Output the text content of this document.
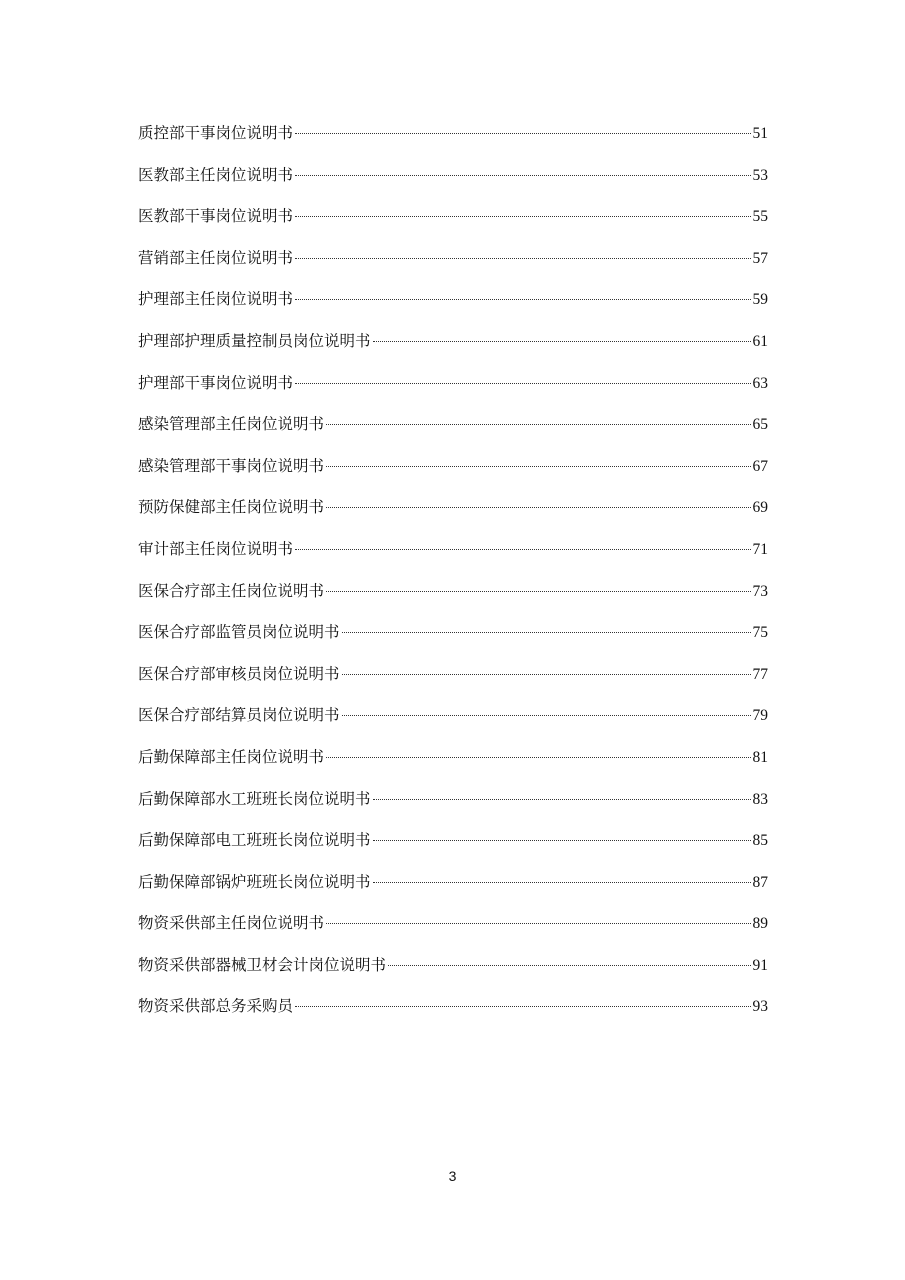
质控部干事岗位说明书	51
医教部主任岗位说明书	53
医教部干事岗位说明书	55
营销部主任岗位说明书	57
护理部主任岗位说明书	59
护理部护理质量控制员岗位说明书	61
护理部干事岗位说明书	63
感染管理部主任岗位说明书	65
感染管理部干事岗位说明书	67
预防保健部主任岗位说明书	69
审计部主任岗位说明书	71
医保合疗部主任岗位说明书	73
医保合疗部监管员岗位说明书	75
医保合疗部审核员岗位说明书	77
医保合疗部结算员岗位说明书	79
后勤保障部主任岗位说明书	81
后勤保障部水工班班长岗位说明书	83
后勤保障部电工班班长岗位说明书	85
后勤保障部锅炉班班长岗位说明书	87
物资采供部主任岗位说明书	89
物资采供部器械卫材会计岗位说明书	91
物资采供部总务采购员	93
3
